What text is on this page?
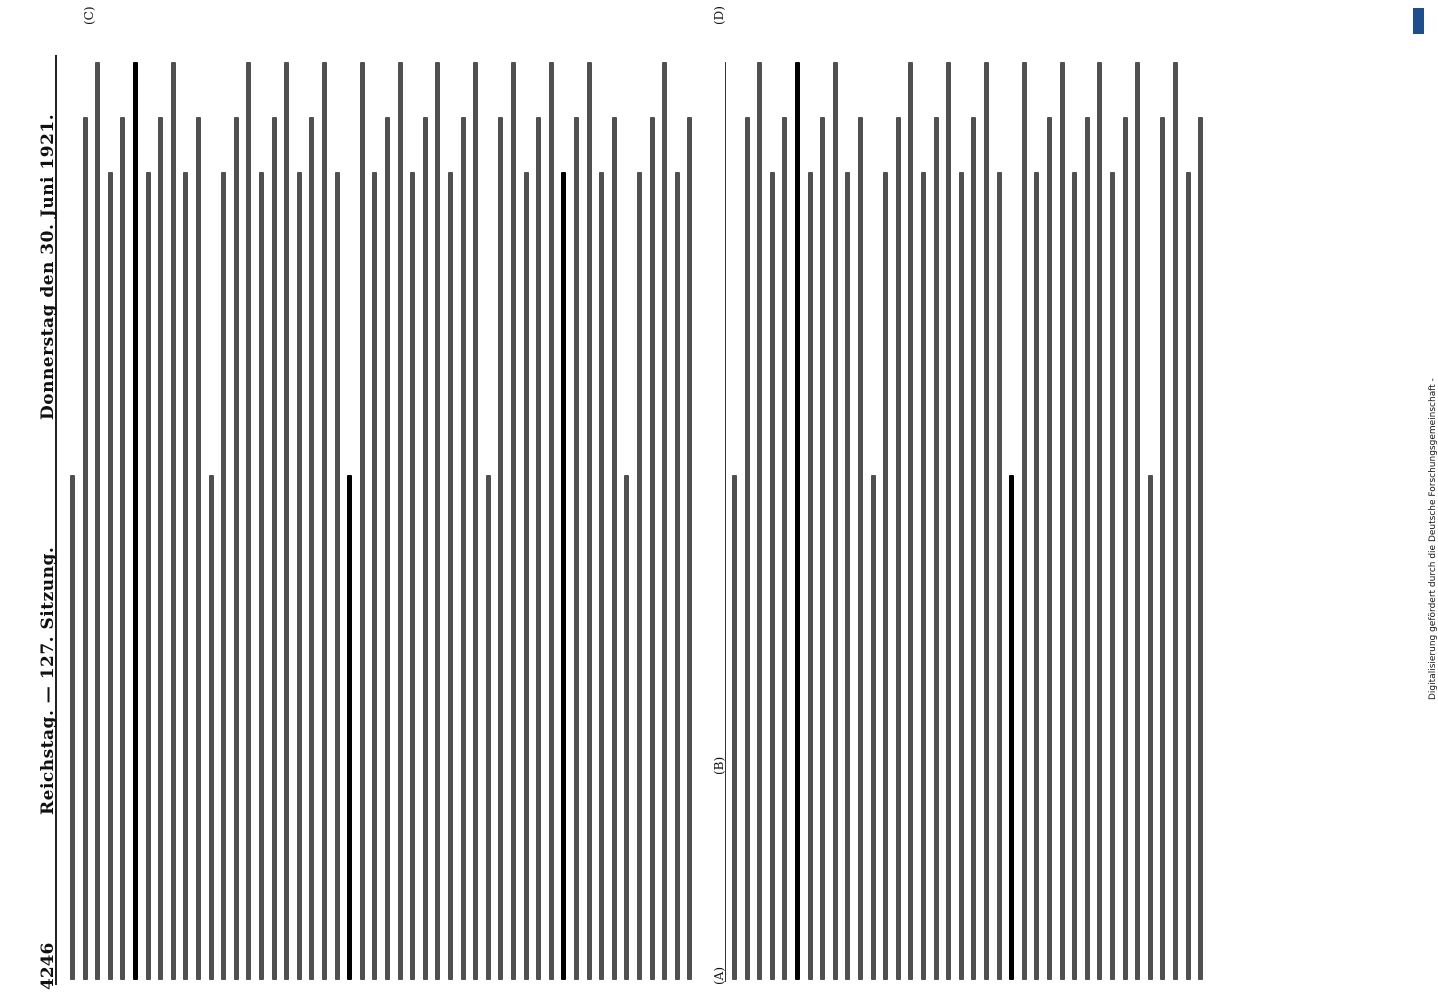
4246
Reichstag. — 127. Sitzung.
Donnerstag den 30. Juni 1921.
(A)
(B)
(C)	(D)
Digitalisierung gefördert durch die Deutsche Forschungsgemeinschaft -
